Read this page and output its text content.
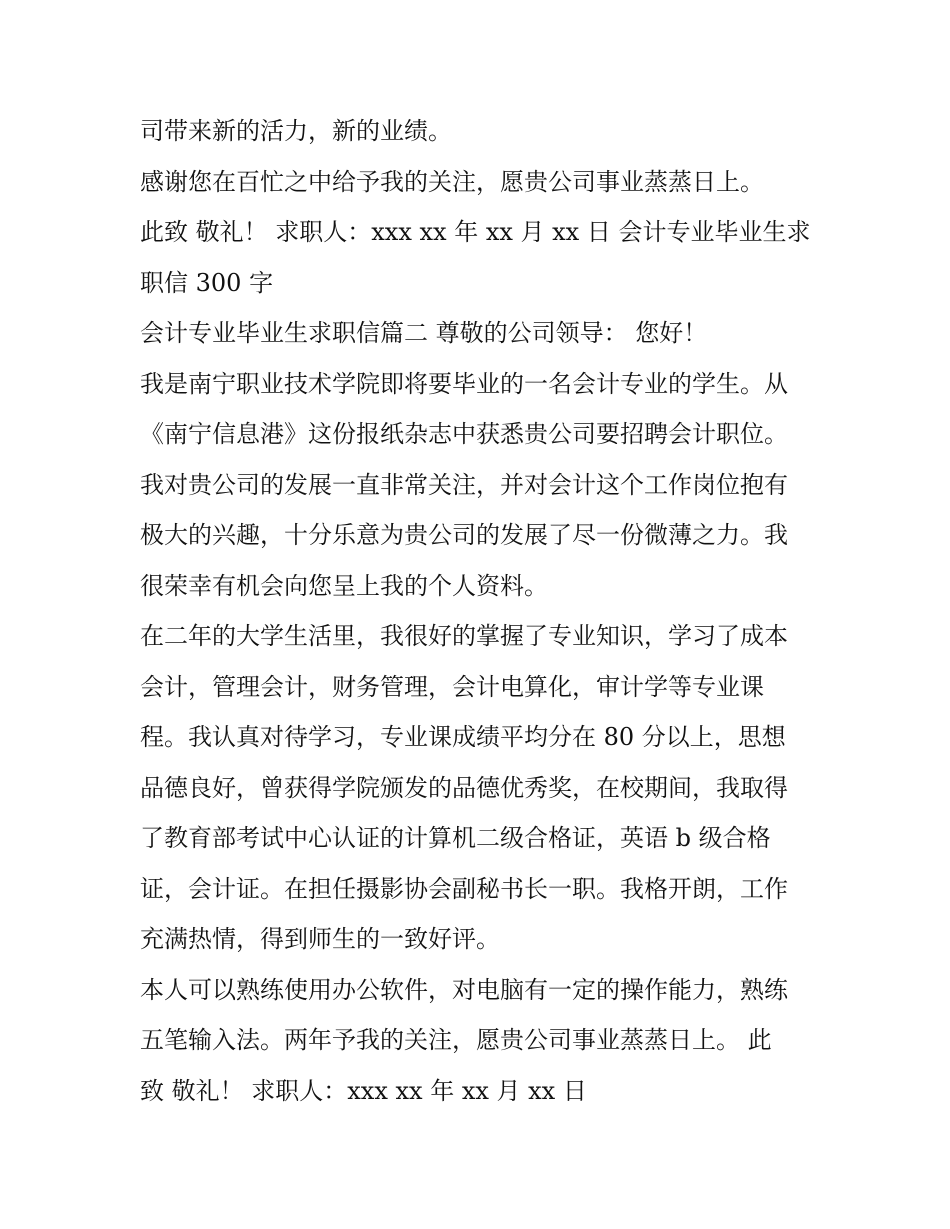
司带来新的活力，新的业绩。
感谢您在百忙之中给予我的关注，愿贵公司事业蒸蒸日上。
此致 敬礼！ 求职人：xxx xx 年 xx 月 xx 日 会计专业毕业生求
职信 300 字
会计专业毕业生求职信篇二 尊敬的公司领导： 您好！
我是南宁职业技术学院即将要毕业的一名会计专业的学生。从
《南宁信息港》这份报纸杂志中获悉贵公司要招聘会计职位。
我对贵公司的发展一直非常关注，并对会计这个工作岗位抱有
极大的兴趣，十分乐意为贵公司的发展了尽一份微薄之力。我
很荣幸有机会向您呈上我的个人资料。
在二年的大学生活里，我很好的掌握了专业知识，学习了成本
会计，管理会计，财务管理，会计电算化，审计学等专业课
程。我认真对待学习，专业课成绩平均分在 80 分以上，思想
品德良好，曾获得学院颁发的品德优秀奖，在校期间，我取得
了教育部考试中心认证的计算机二级合格证，英语 b 级合格
证，会计证。在担任摄影协会副秘书长一职。我格开朗，工作
充满热情，得到师生的一致好评。
本人可以熟练使用办公软件，对电脑有一定的操作能力，熟练
五笔输入法。两年予我的关注，愿贵公司事业蒸蒸日上。 此
致 敬礼！ 求职人：xxx xx 年 xx 月 xx 日
